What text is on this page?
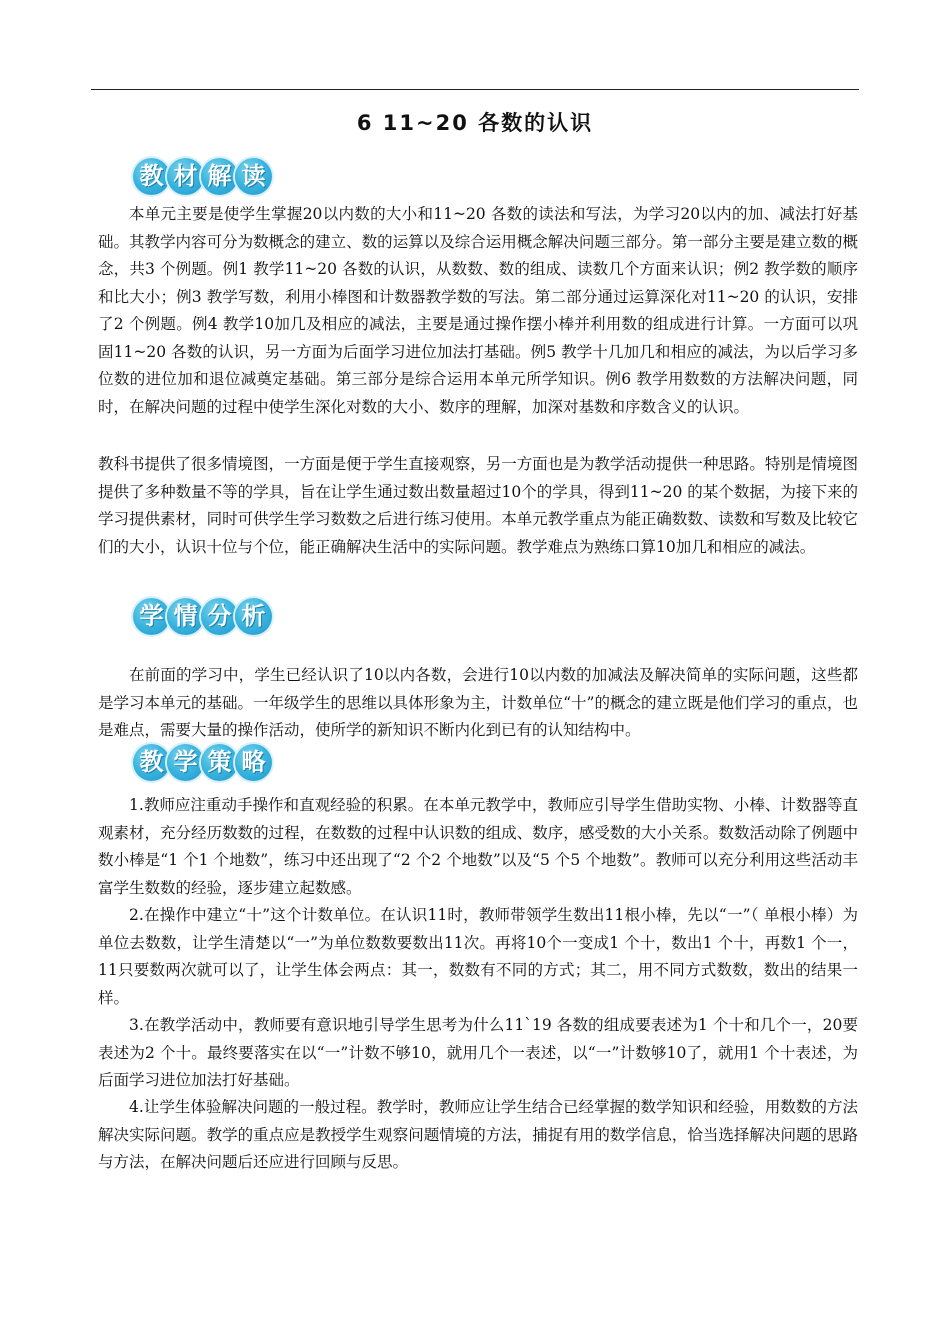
6 11~20 各数的认识
教 材 解 读

本单元主要是使学生掌握20以内数的大小和11~20 各数的读法和写法，为学习20以内的加、减法打好基础。其教学内容可分为数概念的建立、数的运算以及综合运用概念解决问题三部分。第一部分主要是建立数的概念，共3 个例题。例1 教学11~20 各数的认识，从数数、数的组成、读数几个方面来认识；例2 教学数的顺序和比大小；例3 教学写数，利用小棒图和计数器教学数的写法。第二部分通过运算深化对11~20 的认识，安排了2 个例题。例4 教学10加几及相应的减法，主要是通过操作摆小棒并利用数的组成进行计算。一方面可以巩固11~20 各数的认识，另一方面为后面学习进位加法打基础。例5 教学十几加几和相应的减法，为以后学习多位数的进位加和退位减奠定基础。第三部分是综合运用本单元所学知识。例6 教学用数数的方法解决问题，同时，在解决问题的过程中使学生深化对数的大小、数序的理解，加深对基数和序数含义的认识。

教科书提供了很多情境图，一方面是便于学生直接观察，另一方面也是为教学活动提供一种思路。特别是情境图提供了多种数量不等的学具，旨在让学生通过数出数量超过10个的学具，得到11~20 的某个数据，为接下来的学习提供素材，同时可供学生学习数数之后进行练习使用。本单元教学重点为能正确数数、读数和写数及比较它们的大小，认识十位与个位，能正确解决生活中的实际问题。教学难点为熟练口算10加几和相应的减法。

学 情 分 析

在前面的学习中，学生已经认识了10以内各数，会进行10以内数的加减法及解决简单的实际问题，这些都是学习本单元的基础。一年级学生的思维以具体形象为主，计数单位“十”的概念的建立既是他们学习的重点，也是难点，需要大量的操作活动，使所学的新知识不断内化到已有的认知结构中。

教 学 策 略

1.教师应注重动手操作和直观经验的积累。在本单元教学中，教师应引导学生借助实物、小棒、计数器等直观素材，充分经历数数的过程，在数数的过程中认识数的组成、数序，感受数的大小关系。数数活动除了例题中数小棒是“1 个1 个地数”，练习中还出现了“2 个2 个地数”以及“5 个5 个地数”。教师可以充分利用这些活动丰富学生数数的经验，逐步建立起数感。

2.在操作中建立“十”这个计数单位。在认识11时，教师带领学生数出11根小棒，先以“一”（ 单根小棒）为单位去数数，让学生清楚以“一”为单位数数要数出11次。再将10个一变成1 个十，数出1 个十，再数1 个一，11只要数两次就可以了，让学生体会两点：其一，数数有不同的方式；其二，用不同方式数数，数出的结果一样。

3.在教学活动中，教师要有意识地引导学生思考为什么11`19 各数的组成要表述为1 个十和几个一，20要表述为2 个十。最终要落实在以“一”计数不够10，就用几个一表述，以“一”计数够10了，就用1 个十表述，为后面学习进位加法打好基础。

4.让学生体验解决问题的一般过程。教学时，教师应让学生结合已经掌握的数学知识和经验，用数数的方法解决实际问题。教学的重点应是教授学生观察问题情境的方法，捕捉有用的数学信息，恰当选择解决问题的思路与方法，在解决问题后还应进行回顾与反思。
